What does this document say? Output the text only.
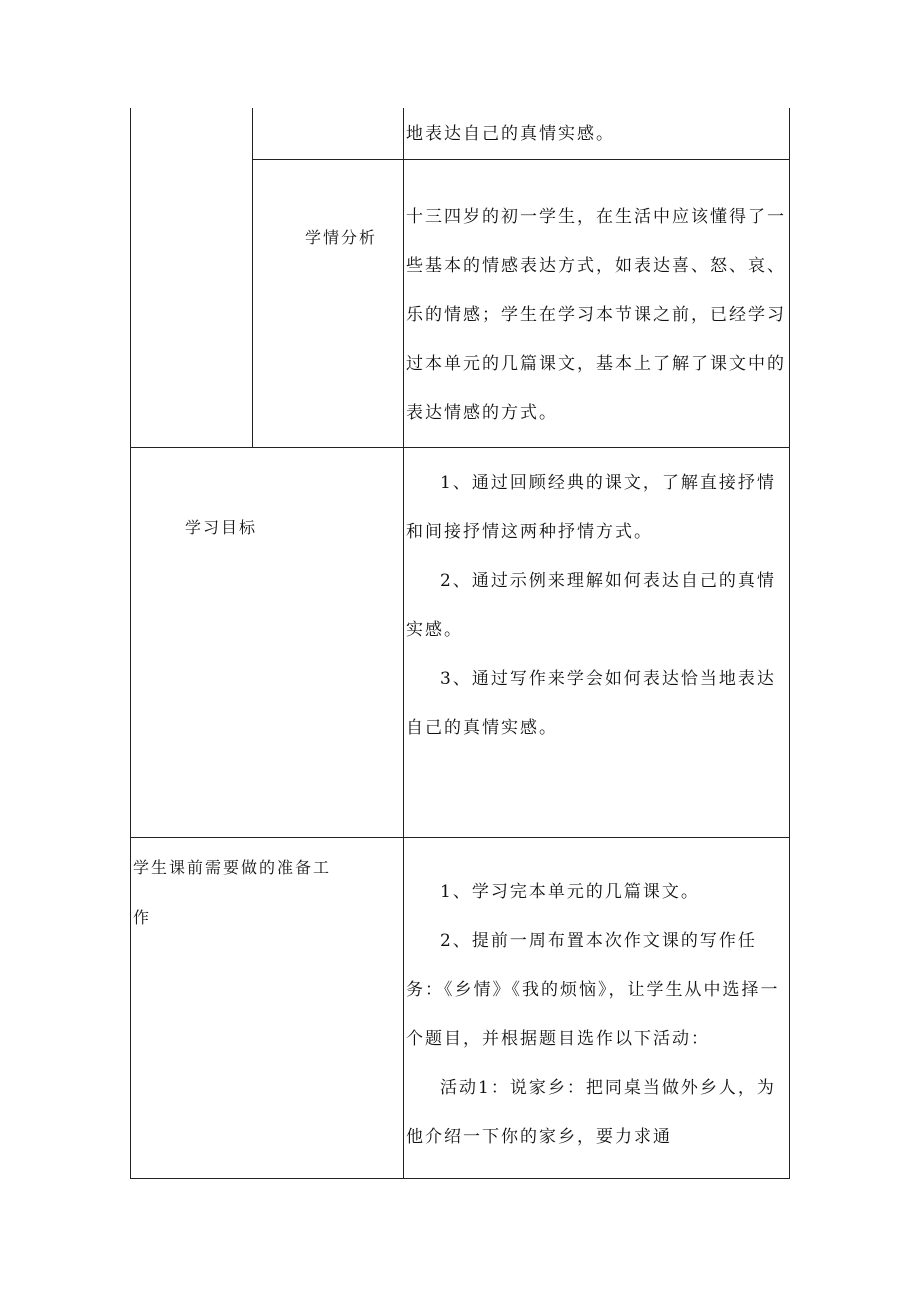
地表达自己的真情实感。

学情分析

十三四岁的初一学生，在生活中应该懂得了一些基本的情感表达方式，如表达喜、怒、哀、乐的情感；学生在学习本节课之前，已经学习过本单元的几篇课文，基本上了解了课文中的表达情感的方式。

学习目标

1、通过回顾经典的课文，了解直接抒情和间接抒情这两种抒情方式。

2、通过示例来理解如何表达自己的真情实感。

3、通过写作来学会如何表达恰当地表达自己的真情实感。

学生课前需要做的准备工

作

1、学习完本单元的几篇课文。

2、提前一周布置本次作文课的写作任务：《乡情》《我的烦恼》，让学生从中选择一个题目，并根据题目选作以下活动：

活动1：说家乡：把同桌当做外乡人，为他介绍一下你的家乡，要力求通
